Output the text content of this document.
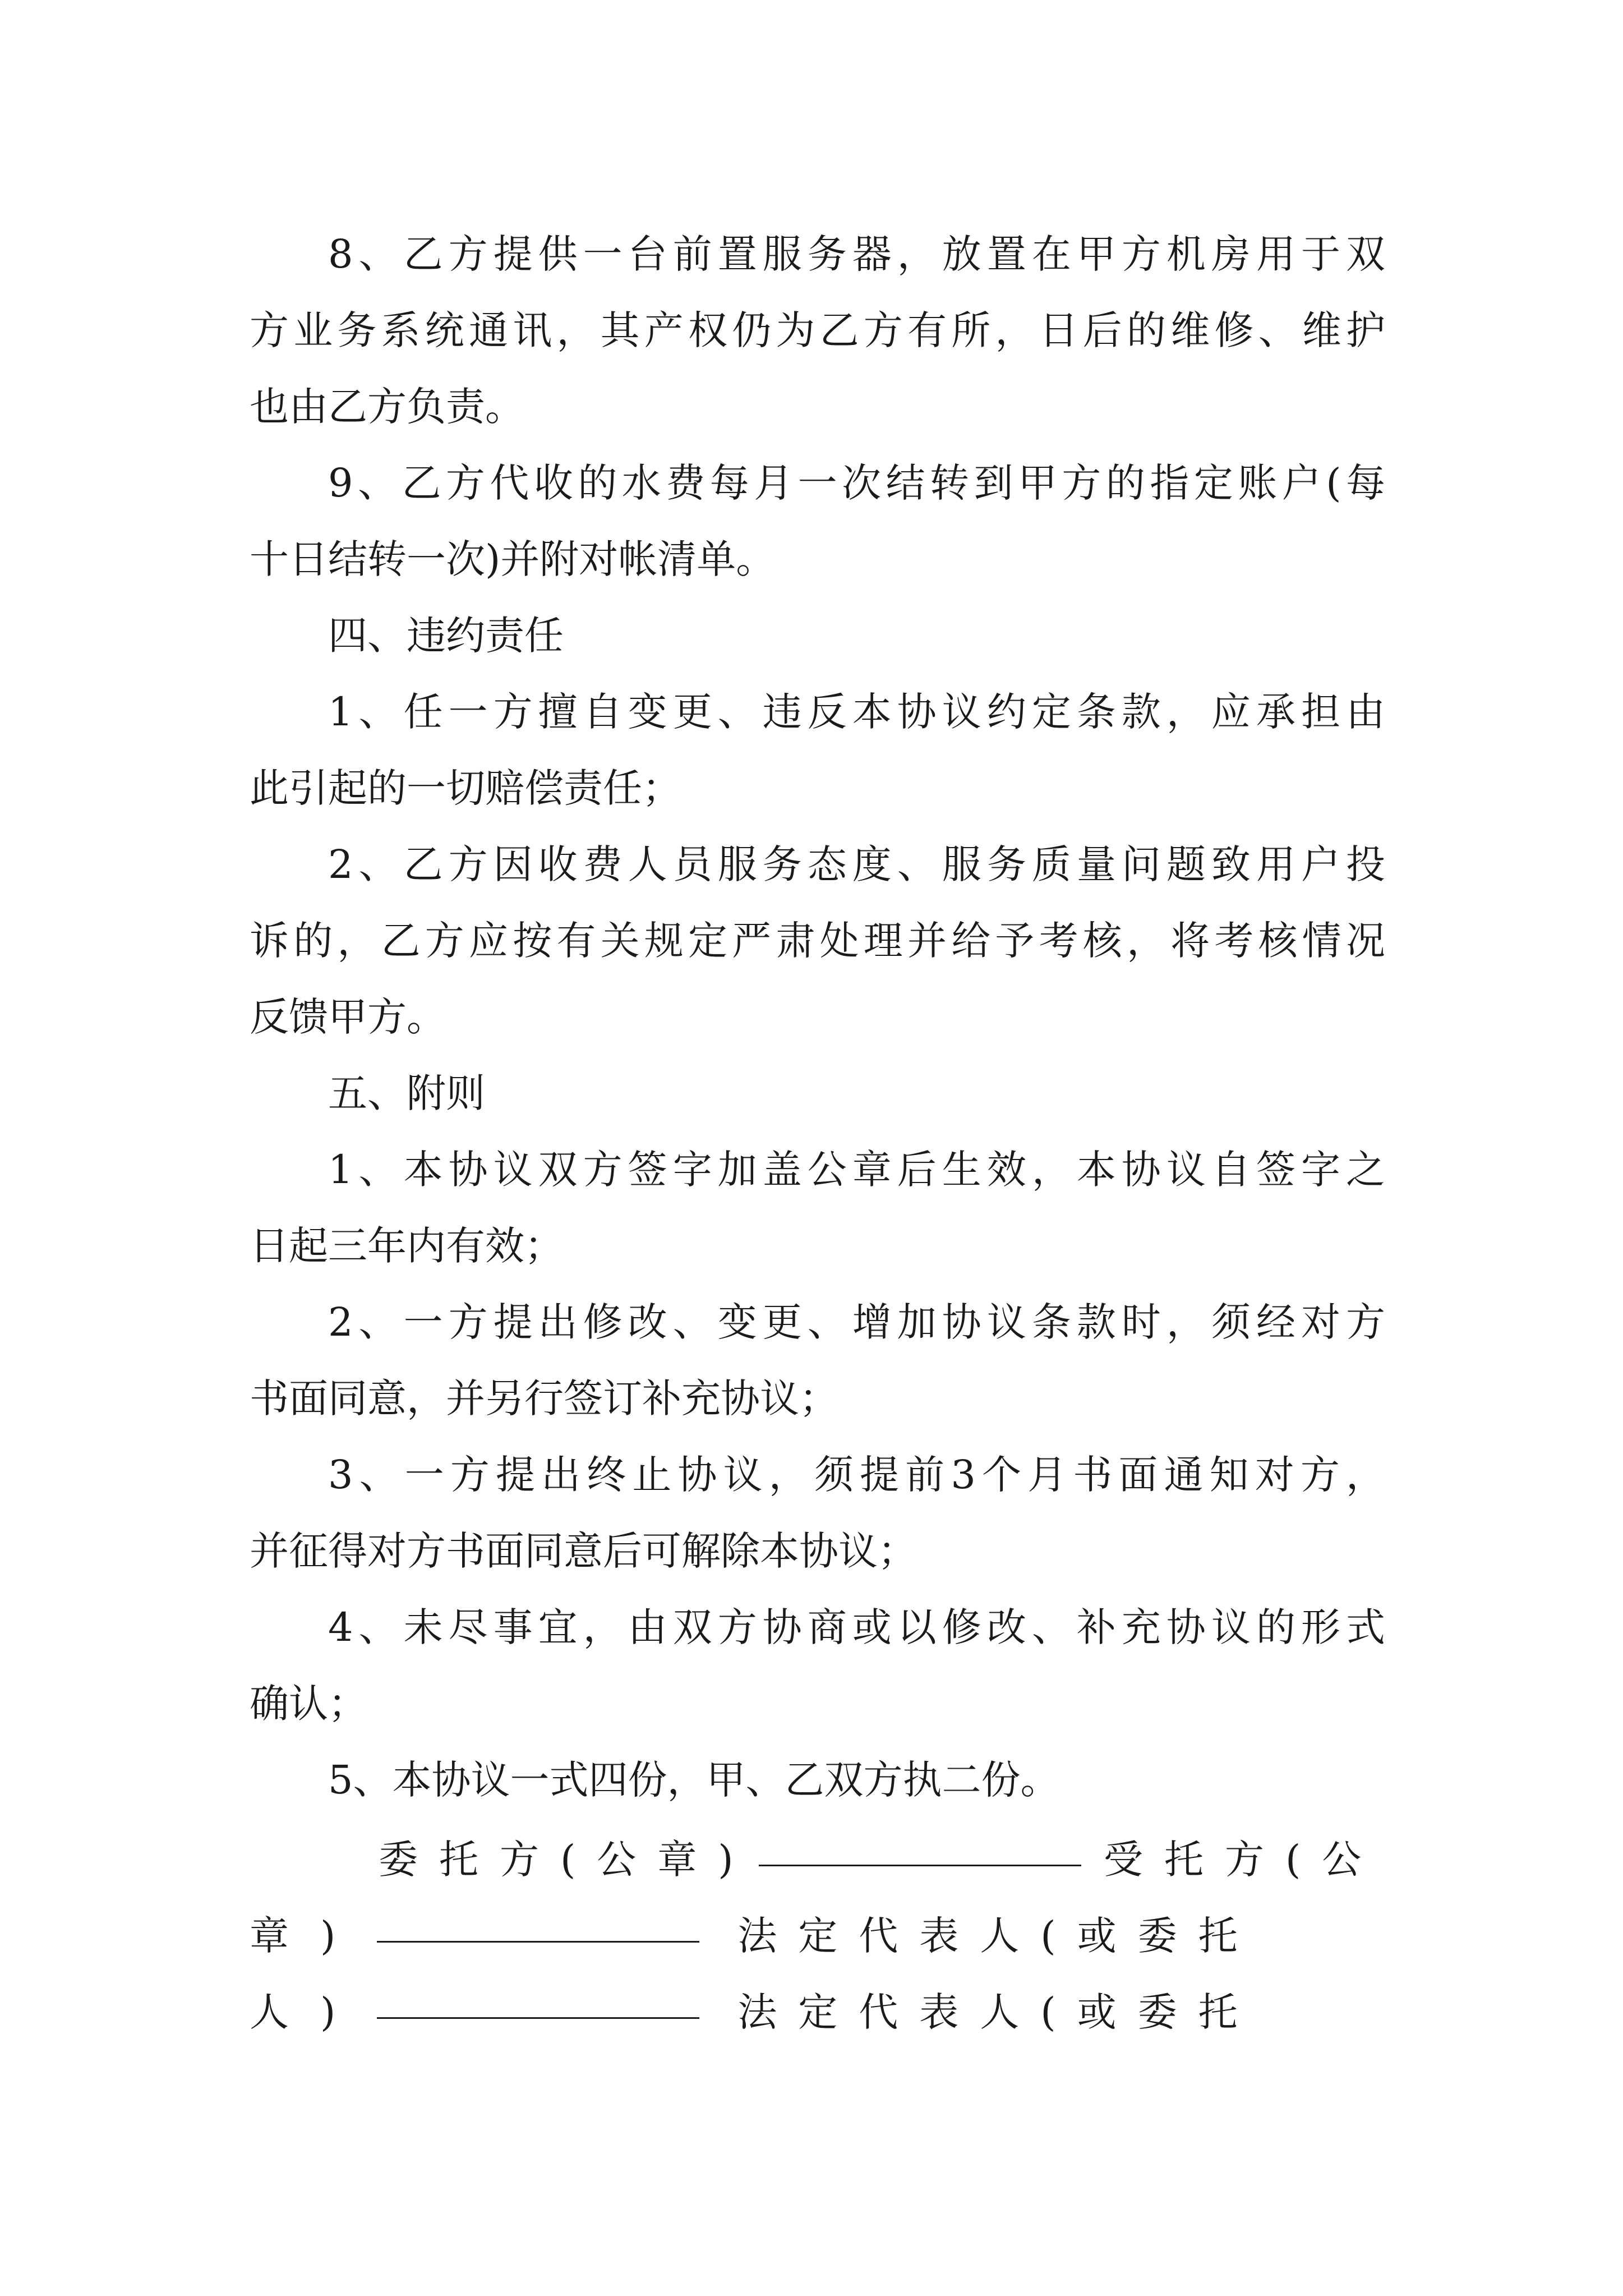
8、乙方提供一台前置服务器，放置在甲方机房用于双
方业务系统通讯，其产权仍为乙方有所，日后的维修、维护
也由乙方负责。
9、乙方代收的水费每月一次结转到甲方的指定账户(每
十日结转一次)并附对帐清单。
四、违约责任
1、任一方擅自变更、违反本协议约定条款，应承担由
此引起的一切赔偿责任；
2、乙方因收费人员服务态度、服务质量问题致用户投
诉的，乙方应按有关规定严肃处理并给予考核，将考核情况
反馈甲方。
五、附则
1、本协议双方签字加盖公章后生效，本协议自签字之
日起三年内有效；
2、一方提出修改、变更、增加协议条款时，须经对方
书面同意，并另行签订补充协议；
3、一方提出终止协议，须提前3个月书面通知对方，
并征得对方书面同意后可解除本协议；
4、未尽事宜，由双方协商或以修改、补充协议的形式
确认；
5、本协议一式四份，甲、乙双方执二份。
委托方(公章)	受托方(公
章)	法定代表人(或委托
人)	法定代表人(或委托
